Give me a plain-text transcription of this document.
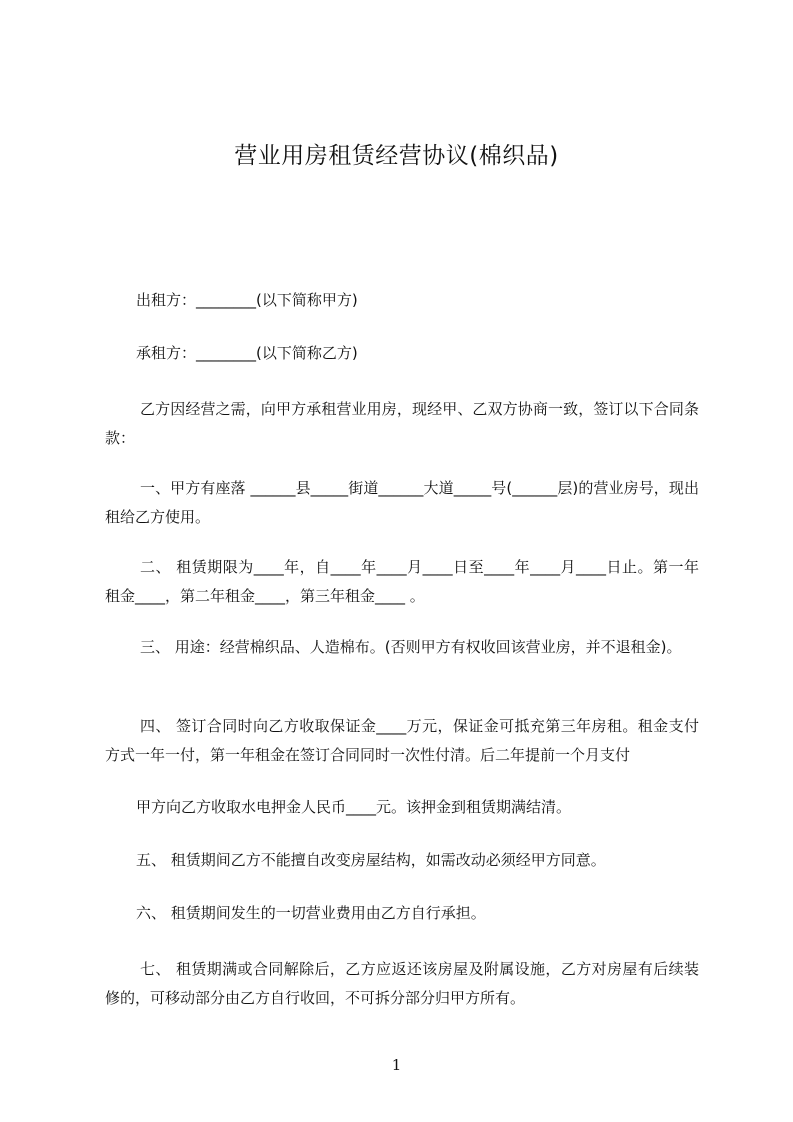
营业用房租赁经营协议(棉织品)

出租方：________(以下简称甲方)

承租方：________(以下简称乙方)

乙方因经营之需，向甲方承租营业用房，现经甲、乙双方协商一致，签订以下合同条款：

一、甲方有座落 ______县_____街道______大道_____号(______层)的营业房号，现出租给乙方使用。

二、 租赁期限为____年，自____年____月____日至____年____月____日止。第一年租金____，第二年租金____，第三年租金____ 。

三、 用途：经营棉织品、人造棉布。(否则甲方有权收回该营业房，并不退租金)。

四、 签订合同时向乙方收取保证金____万元，保证金可抵充第三年房租。租金支付方式一年一付，第一年租金在签订合同同时一次性付清。后二年提前一个月支付

甲方向乙方收取水电押金人民币____元。该押金到租赁期满结清。

五、 租赁期间乙方不能擅自改变房屋结构，如需改动必须经甲方同意。

六、 租赁期间发生的一切营业费用由乙方自行承担。

七、 租赁期满或合同解除后，乙方应返还该房屋及附属设施，乙方对房屋有后续装修的，可移动部分由乙方自行收回，不可拆分部分归甲方所有。

1
